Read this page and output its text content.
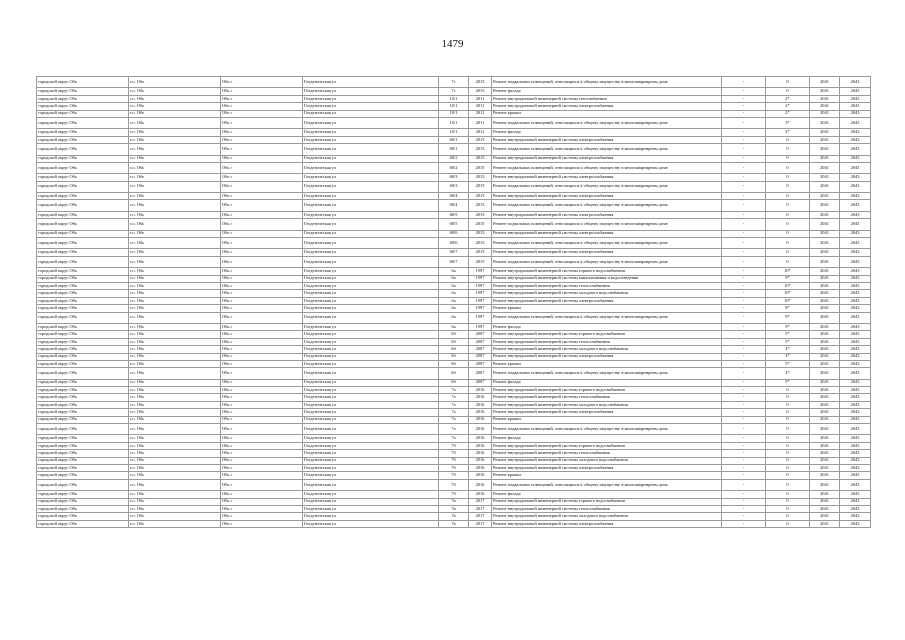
1479
городской округ Обь	г.о. Обь	Обь г	Геодезическая ул	7г	2015	Ремонт подвальных помещений, относящихся к общему имуществу в многоквартирном доме	-	0	2041	2043
городской округ Обь	г.о. Обь	Обь г	Геодезическая ул	7г	2015	Ремонт фасада	-	0	2041	2043
городской округ Обь	г.о. Обь	Обь г	Геодезическая ул	10/1	2011	Ремонт внутридомовой инженерной системы газоснабжения	-	2*	2041	2043
городской округ Обь	г.о. Обь	Обь г	Геодезическая ул	10/1	2011	Ремонт внутридомовой инженерной системы электроснабжения	-	2*	2041	2043
городской округ Обь	г.о. Обь	Обь г	Геодезическая ул	10/1	2011	Ремонт крыши	-	2*	2041	2043
городской округ Обь	г.о. Обь	Обь г	Геодезическая ул	10/1	2011	Ремонт подвальных помещений, относящихся к общему имуществу в многоквартирном доме	-	3*	2041	2043
городской округ Обь	г.о. Обь	Обь г	Геодезическая ул	10/1	2011	Ремонт фасада	-	2*	2041	2043
городской округ Обь	г.о. Обь	Обь г	Геодезическая ул	68/1	2015	Ремонт внутридомовой инженерной системы электроснабжения	-	0	2041	2043
городской округ Обь	г.о. Обь	Обь г	Геодезическая ул	68/1	2015	Ремонт подвальных помещений, относящихся к общему имуществу в многоквартирном доме	-	0	2041	2043
городской округ Обь	г.о. Обь	Обь г	Геодезическая ул	68/2	2015	Ремонт внутридомовой инженерной системы электроснабжения	-	0	2041	2043
городской округ Обь	г.о. Обь	Обь г	Геодезическая ул	68/2	2015	Ремонт подвальных помещений, относящихся к общему имуществу в многоквартирном доме	-	0	2041	2043
городской округ Обь	г.о. Обь	Обь г	Геодезическая ул	68/3	2015	Ремонт внутридомовой инженерной системы электроснабжения	-	0	2041	2043
городской округ Обь	г.о. Обь	Обь г	Геодезическая ул	68/3	2015	Ремонт подвальных помещений, относящихся к общему имуществу в многоквартирном доме	-	0	2041	2043
городской округ Обь	г.о. Обь	Обь г	Геодезическая ул	68/4	2015	Ремонт внутридомовой инженерной системы электроснабжения	-	0	2041	2043
городской округ Обь	г.о. Обь	Обь г	Геодезическая ул	68/4	2015	Ремонт подвальных помещений, относящихся к общему имуществу в многоквартирном доме	-	0	2041	2043
городской округ Обь	г.о. Обь	Обь г	Геодезическая ул	68/5	2015	Ремонт внутридомовой инженерной системы электроснабжения	-	0	2041	2043
городской округ Обь	г.о. Обь	Обь г	Геодезическая ул	68/5	2015	Ремонт подвальных помещений, относящихся к общему имуществу в многоквартирном доме	-	0	2041	2043
городской округ Обь	г.о. Обь	Обь г	Геодезическая ул	68/6	2015	Ремонт внутридомовой инженерной системы электроснабжения	-	0	2041	2043
городской округ Обь	г.о. Обь	Обь г	Геодезическая ул	68/6	2015	Ремонт подвальных помещений, относящихся к общему имуществу в многоквартирном доме	-	0	2041	2043
городской округ Обь	г.о. Обь	Обь г	Геодезическая ул	68/7	2015	Ремонт внутридомовой инженерной системы электроснабжения	-	0	2041	2043
городской округ Обь	г.о. Обь	Обь г	Геодезическая ул	68/7	2015	Ремонт подвальных помещений, относящихся к общему имуществу в многоквартирном доме	-	0	2041	2043
городской округ Обь	г.о. Обь	Обь г	Геодезическая ул	6а	1997	Ремонт внутридомовой инженерной системы горячего водоснабжения	-	10*	2041	2043
городской округ Обь	г.о. Обь	Обь г	Геодезическая ул	6а	1997	Ремонт внутридомовой инженерной системы канализования и водоотведения	-	9*	2041	2043
городской округ Обь	г.о. Обь	Обь г	Геодезическая ул	6а	1997	Ремонт внутридомовой инженерной системы теплоснабжения	-	10*	2041	2043
городской округ Обь	г.о. Обь	Обь г	Геодезическая ул	6а	1997	Ремонт внутридомовой инженерной системы холодного водоснабжения	-	10*	2041	2043
городской округ Обь	г.о. Обь	Обь г	Геодезическая ул	6а	1997	Ремонт внутридомовой инженерной системы электроснабжения	-	10*	2041	2043
городской округ Обь	г.о. Обь	Обь г	Геодезическая ул	6а	1997	Ремонт крыши	-	8*	2041	2043
городской округ Обь	г.о. Обь	Обь г	Геодезическая ул	6а	1997	Ремонт подвальных помещений, относящихся к общему имуществу в многоквартирном доме	-	9*	2041	2043
городской округ Обь	г.о. Обь	Обь г	Геодезическая ул	6а	1997	Ремонт фасада	-	9*	2041	2043
городской округ Обь	г.о. Обь	Обь г	Геодезическая ул	6б	2007	Ремонт внутридомовой инженерной системы горячего водоснабжения	-	5*	2041	2043
городской округ Обь	г.о. Обь	Обь г	Геодезическая ул	6б	2007	Ремонт внутридомовой инженерной системы теплоснабжения	-	5*	2041	2043
городской округ Обь	г.о. Обь	Обь г	Геодезическая ул	6б	2007	Ремонт внутридомовой инженерной системы холодного водоснабжения	-	4*	2041	2043
городской округ Обь	г.о. Обь	Обь г	Геодезическая ул	6б	2007	Ремонт внутридомовой инженерной системы электроснабжения	-	4*	2041	2043
городской округ Обь	г.о. Обь	Обь г	Геодезическая ул	6б	2007	Ремонт крыши	-	5*	2041	2043
городской округ Обь	г.о. Обь	Обь г	Геодезическая ул	6б	2007	Ремонт подвальных помещений, относящихся к общему имуществу в многоквартирном доме	-	4*	2041	2043
городской округ Обь	г.о. Обь	Обь г	Геодезическая ул	6б	2007	Ремонт фасада	-	5*	2041	2043
городской округ Обь	г.о. Обь	Обь г	Геодезическая ул	7а	2016	Ремонт внутридомовой инженерной системы горячего водоснабжения	-	0	2041	2043
городской округ Обь	г.о. Обь	Обь г	Геодезическая ул	7а	2016	Ремонт внутридомовой инженерной системы теплоснабжения	-	0	2041	2043
городской округ Обь	г.о. Обь	Обь г	Геодезическая ул	7а	2016	Ремонт внутридомовой инженерной системы холодного водоснабжения	-	0	2041	2043
городской округ Обь	г.о. Обь	Обь г	Геодезическая ул	7а	2016	Ремонт внутридомовой инженерной системы электроснабжения	-	0	2041	2043
городской округ Обь	г.о. Обь	Обь г	Геодезическая ул	7а	2016	Ремонт крыши	-	0	2041	2043
городской округ Обь	г.о. Обь	Обь г	Геодезическая ул	7а	2016	Ремонт подвальных помещений, относящихся к общему имуществу в многоквартирном доме	-	0	2041	2043
городской округ Обь	г.о. Обь	Обь г	Геодезическая ул	7а	2016	Ремонт фасада	-	0	2041	2043
городской округ Обь	г.о. Обь	Обь г	Геодезическая ул	7б	2016	Ремонт внутридомовой инженерной системы горячего водоснабжения	-	0	2041	2043
городской округ Обь	г.о. Обь	Обь г	Геодезическая ул	7б	2016	Ремонт внутридомовой инженерной системы теплоснабжения	-	0	2041	2043
городской округ Обь	г.о. Обь	Обь г	Геодезическая ул	7б	2016	Ремонт внутридомовой инженерной системы холодного водоснабжения	-	0	2041	2043
городской округ Обь	г.о. Обь	Обь г	Геодезическая ул	7б	2016	Ремонт внутридомовой инженерной системы электроснабжения	-	0	2041	2043
городской округ Обь	г.о. Обь	Обь г	Геодезическая ул	7б	2016	Ремонт крыши	-	0	2041	2043
городской округ Обь	г.о. Обь	Обь г	Геодезическая ул	7б	2016	Ремонт подвальных помещений, относящихся к общему имуществу в многоквартирном доме	-	0	2041	2043
городской округ Обь	г.о. Обь	Обь г	Геодезическая ул	7б	2016	Ремонт фасада	-	0	2041	2043
городской округ Обь	г.о. Обь	Обь г	Геодезическая ул	7в	2017	Ремонт внутридомовой инженерной системы горячего водоснабжения	-	0	2041	2043
городской округ Обь	г.о. Обь	Обь г	Геодезическая ул	7в	2017	Ремонт внутридомовой инженерной системы теплоснабжения	-	0	2041	2043
городской округ Обь	г.о. Обь	Обь г	Геодезическая ул	7в	2017	Ремонт внутридомовой инженерной системы холодного водоснабжения	-	0	2041	2043
городской округ Обь	г.о. Обь	Обь г	Геодезическая ул	7в	2017	Ремонт внутридомовой инженерной системы электроснабжения	-	0	2041	2043
